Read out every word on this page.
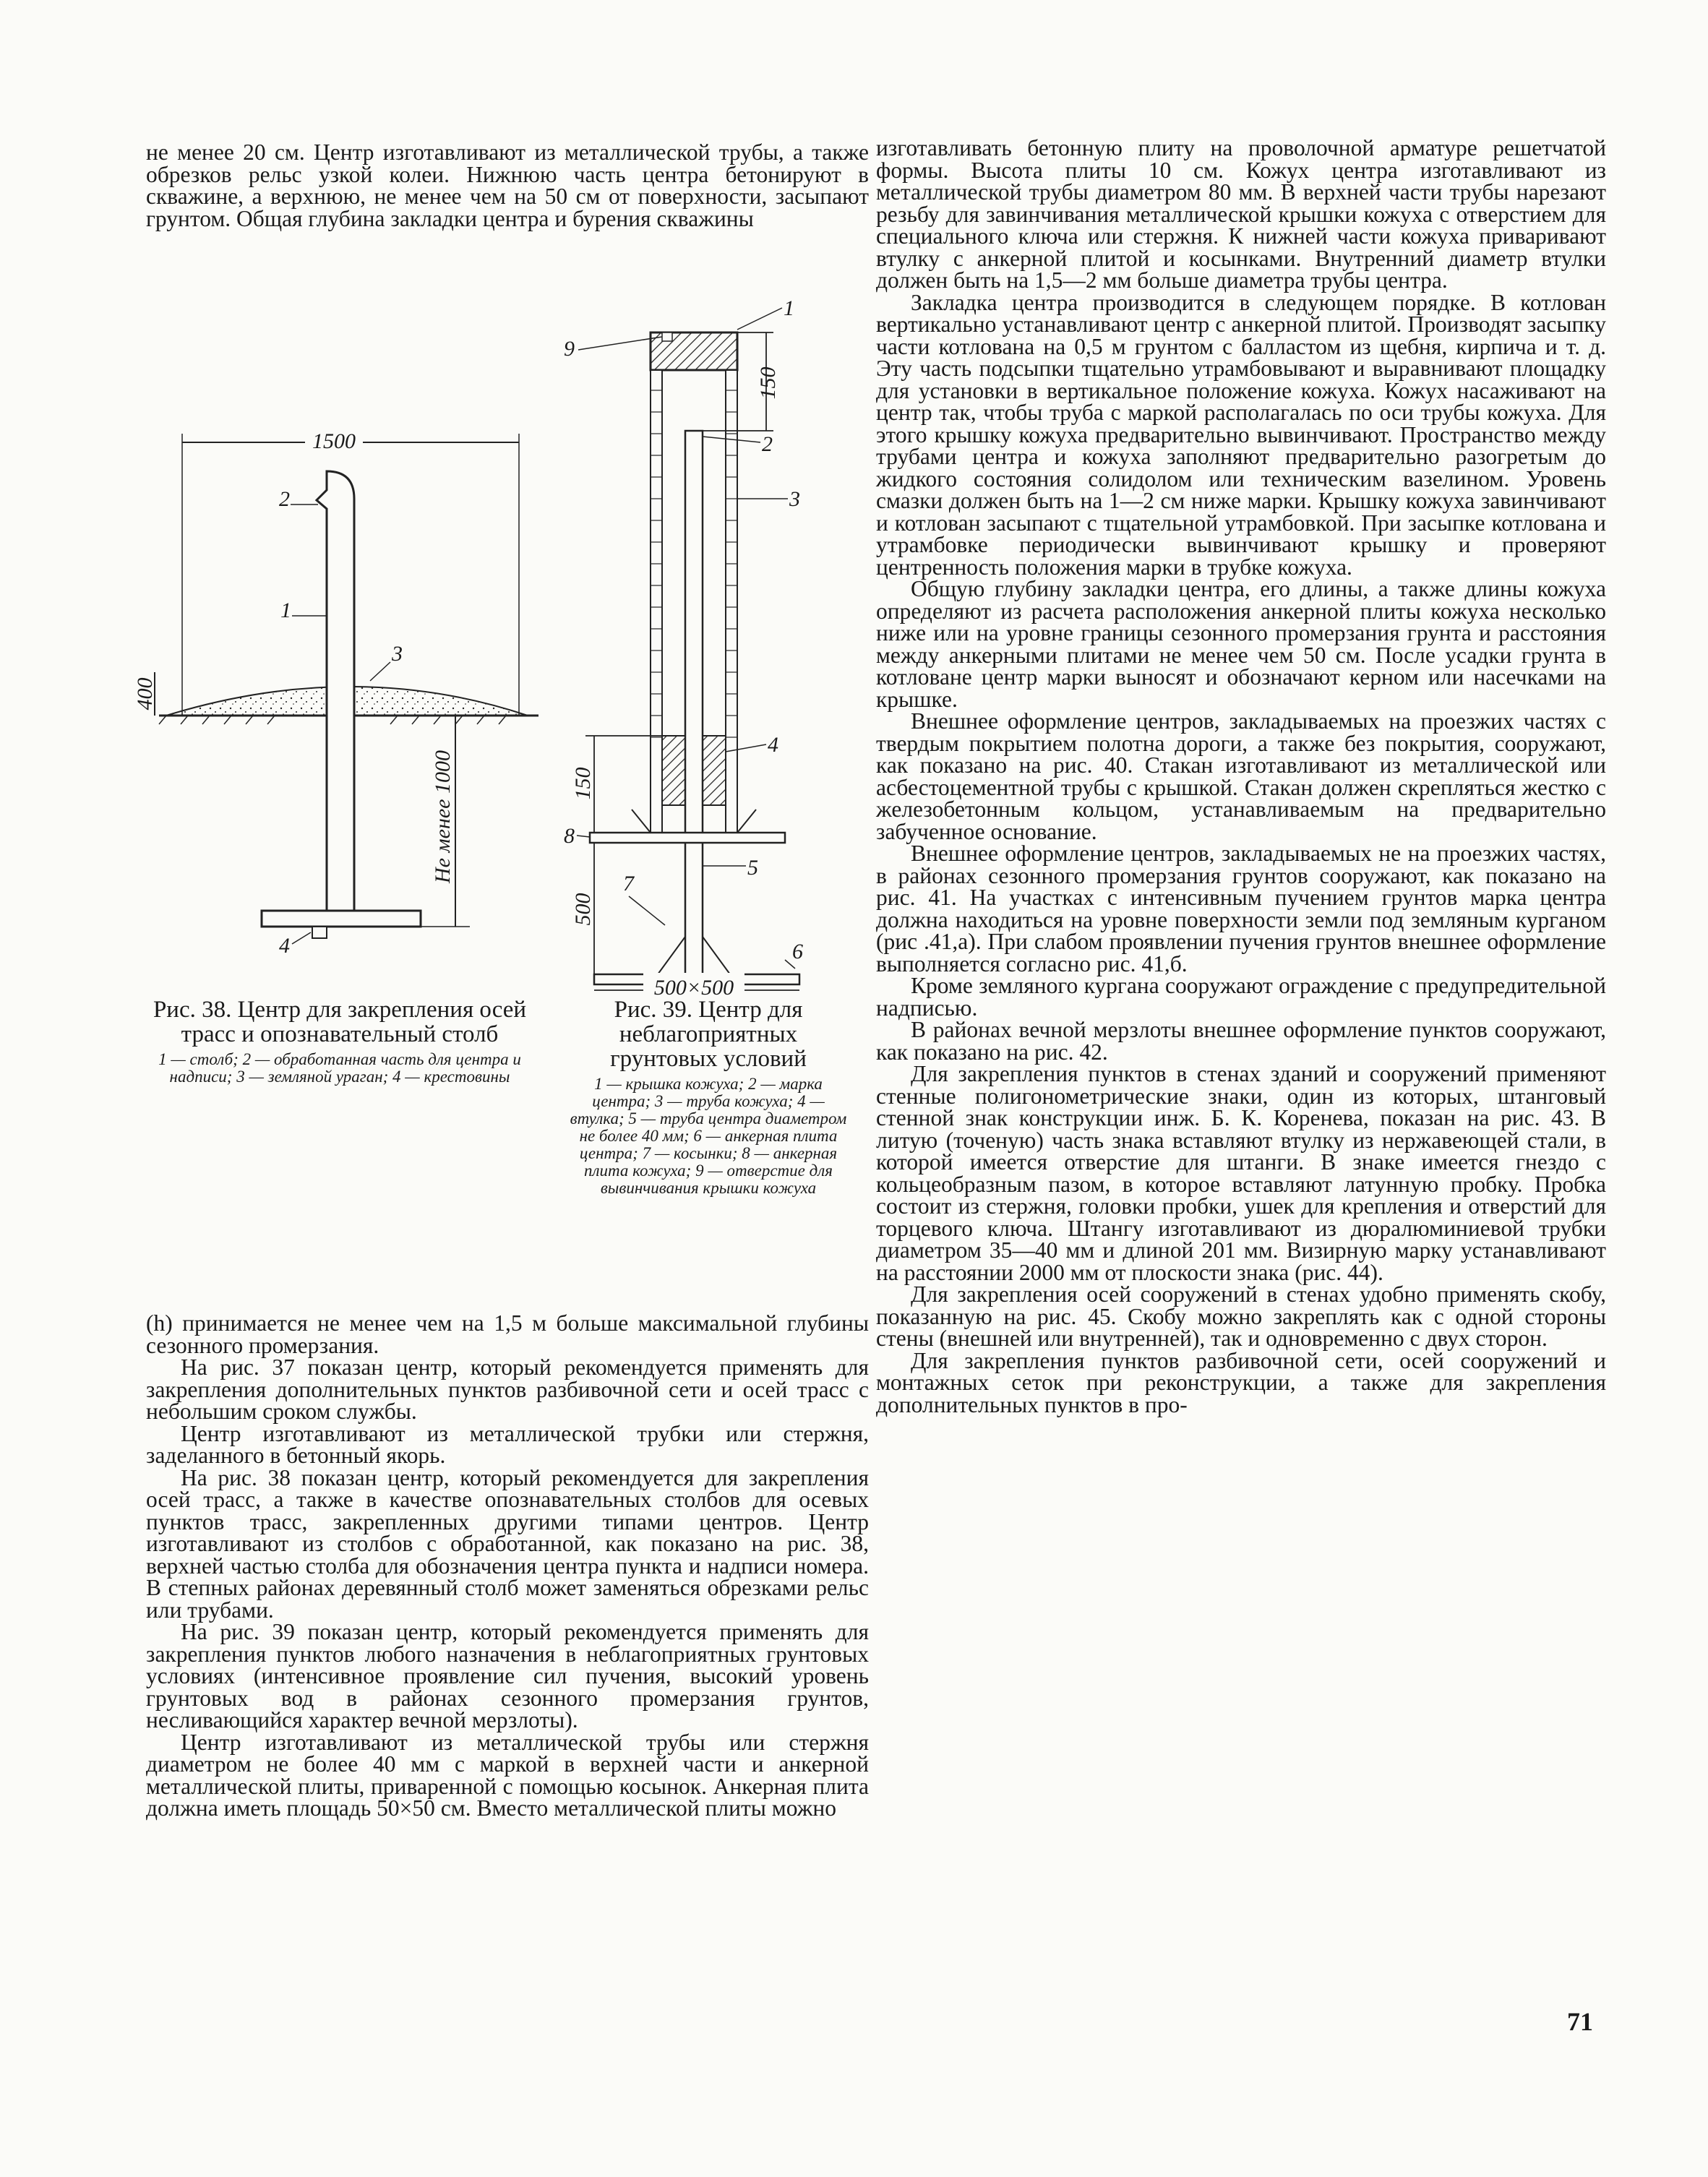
не менее 20 см. Центр изготавливают из металлической трубы, а также обрезков рельс узкой колеи. Нижнюю часть центра бетонируют в скважине, а верхнюю, не менее чем на 50 см от поверхности, засыпают грунтом. Общая глубина закладки центра и бурения скважины

1500
400
Не менее 1000
2
1
3
4
150
150
500
500×500
1
2
3
4
5
6
7
8
9
Рис. 38. Центр для закрепления осей трасс и опознавательный столб
1 — столб; 2 — обработанная часть для центра и надписи; 3 — земляной ураган; 4 — крестовины
Рис. 39. Центр для неблагоприятных грунтовых условий
1 — крышка кожуха; 2 — марка центра; 3 — труба кожуха; 4 — втулка; 5 — труба центра диаметром не более 40 мм; 6 — анкерная плита центра; 7 — косынки; 8 — анкерная плита кожуха; 9 — отверстие для вывинчивания крышки кожуха

(h) принимается не менее чем на 1,5 м больше максимальной глубины сезонного промерзания.

На рис. 37 показан центр, который рекомендуется применять для закрепления дополнительных пунктов разбивочной сети и осей трасс с небольшим сроком службы.

Центр изготавливают из металлической трубки или стержня, заделанного в бетонный якорь.

На рис. 38 показан центр, который рекомендуется для закрепления осей трасс, а также в качестве опознавательных столбов для осевых пунктов трасс, закрепленных другими типами центров. Центр изготавливают из столбов с обработанной, как показано на рис. 38, верхней частью столба для обозначения центра пункта и надписи номера. В степных районах деревянный столб может заменяться обрезками рельс или трубами.

На рис. 39 показан центр, который рекомендуется применять для закрепления пунктов любого назначения в неблагоприятных грунтовых условиях (интенсивное проявление сил пучения, высокий уровень грунтовых вод в районах сезонного промерзания грунтов, несливающийся характер вечной мерзлоты).

Центр изготавливают из металлической трубы или стержня диаметром не более 40 мм с маркой в верхней части и анкерной металлической плиты, приваренной с помощью косынок. Анкерная плита должна иметь площадь 50×50 см. Вместо металлической плиты можно

изготавливать бетонную плиту на проволочной арматуре решетчатой формы. Высота плиты 10 см. Кожух центра изготавливают из металлической трубы диаметром 80 мм. В верхней части трубы нарезают резьбу для завинчивания металлической крышки кожуха с отверстием для специального ключа или стержня. К нижней части кожуха приваривают втулку с анкерной плитой и косынками. Внутренний диаметр втулки должен быть на 1,5—2 мм больше диаметра трубы центра.

Закладка центра производится в следующем порядке. В котлован вертикально устанавливают центр с анкерной плитой. Производят засыпку части котлована на 0,5 м грунтом с балластом из щебня, кирпича и т. д. Эту часть подсыпки тщательно утрамбовывают и выравнивают площадку для установки в вертикальное положение кожуха. Кожух насаживают на центр так, чтобы труба с маркой располагалась по оси трубы кожуха. Для этого крышку кожуха предварительно вывинчивают. Пространство между трубами центра и кожуха заполняют предварительно разогретым до жидкого состояния солидолом или техническим вазелином. Уровень смазки должен быть на 1—2 см ниже марки. Крышку кожуха завинчивают и котлован засыпают с тщательной утрамбовкой. При засыпке котлована и утрамбовке периодически вывинчивают крышку и проверяют центренность положения марки в трубке кожуха.

Общую глубину закладки центра, его длины, а также длины кожуха определяют из расчета расположения анкерной плиты кожуха несколько ниже или на уровне границы сезонного промерзания грунта и расстояния между анкерными плитами не менее чем 50 см. После усадки грунта в котловане центр марки выносят и обозначают керном или насечками на крышке.

Внешнее оформление центров, закладываемых на проезжих частях с твердым покрытием полотна дороги, а также без покрытия, сооружают, как показано на рис. 40. Стакан изготавливают из металлической или асбестоцементной трубы с крышкой. Стакан должен скрепляться жестко с железобетонным кольцом, устанавливаемым на предварительно забученное основание.

Внешнее оформление центров, закладываемых не на проезжих частях, в районах сезонного промерзания грунтов сооружают, как показано на рис. 41. На участках с интенсивным пучением грунтов марка центра должна находиться на уровне поверхности земли под земляным курганом (рис .41,а). При слабом проявлении пучения грунтов внешнее оформление выполняется согласно рис. 41,б.

Кроме земляного кургана сооружают ограждение с предупредительной надписью.

В районах вечной мерзлоты внешнее оформление пунктов сооружают, как показано на рис. 42.

Для закрепления пунктов в стенах зданий и сооружений применяют стенные полигонометрические знаки, один из которых, штанговый стенной знак конструкции инж. Б. К. Коренева, показан на рис. 43. В литую (точеную) часть знака вставляют втулку из нержавеющей стали, в которой имеется отверстие для штанги. В знаке имеется гнездо с кольцеобразным пазом, в которое вставляют латунную пробку. Пробка состоит из стержня, головки пробки, ушек для крепления и отверстий для торцевого ключа. Штангу изготавливают из дюралюминиевой трубки диаметром 35—40 мм и длиной 201 мм. Визирную марку устанавливают на расстоянии 2000 мм от плоскости знака (рис. 44).

Для закрепления осей сооружений в стенах удобно применять скобу, показанную на рис. 45. Скобу можно закреплять как с одной стороны стены (внешней или внутренней), так и одновременно с двух сторон.

Для закрепления пунктов разбивочной сети, осей сооружений и монтажных сеток при реконструкции, а также для закрепления дополнительных пунктов в про-

71
